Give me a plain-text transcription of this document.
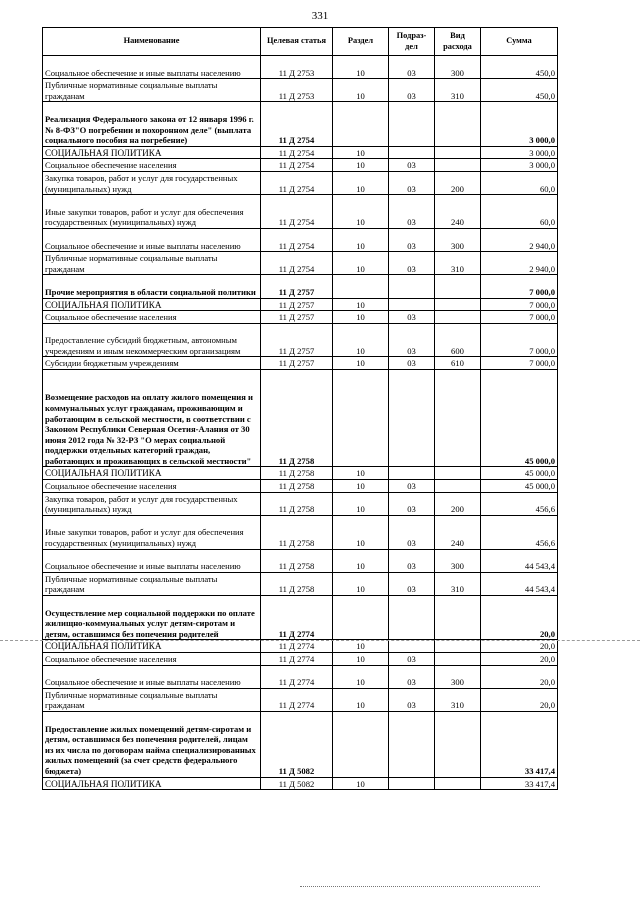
331
Наименование	Целевая статья	Раздел	Подраз-дел	Вид расхода	Сумма
Социальное обеспечение и иные выплаты населению	11 Д 2753	10	03	300	450,0
Публичные нормативные социальные выплаты гражданам	11 Д 2753	10	03	310	450,0
Реализация Федерального закона от 12 января 1996 г. № 8-ФЗ"О погребении и похоронном деле" (выплата социального пособия на погребение)	11 Д 2754				3 000,0
СОЦИАЛЬНАЯ ПОЛИТИКА	11 Д 2754	10			3 000,0
Социальное обеспечение населения	11 Д 2754	10	03		3 000,0
Закупка товаров, работ и услуг для государственных (муниципальных) нужд	11 Д 2754	10	03	200	60,0
Иные закупки товаров, работ и услуг для обеспечения государственных (муниципальных) нужд	11 Д 2754	10	03	240	60,0
Социальное обеспечение и иные выплаты населению	11 Д 2754	10	03	300	2 940,0
Публичные нормативные социальные выплаты гражданам	11 Д 2754	10	03	310	2 940,0
Прочие мероприятия в области социальной политики	11 Д 2757				7 000,0
СОЦИАЛЬНАЯ ПОЛИТИКА	11 Д 2757	10			7 000,0
Социальное обеспечение населения	11 Д 2757	10	03		7 000,0
Предоставление субсидий бюджетным, автономным учреждениям и иным некоммерческим организациям	11 Д 2757	10	03	600	7 000,0
Субсидии бюджетным учреждениям	11 Д 2757	10	03	610	7 000,0
Возмещение расходов на оплату жилого помещения и коммунальных услуг гражданам, проживающим и работающим в сельской местности, в соответствии с Законом Республики Северная Осетия-Алания от 30 июня 2012 года № 32-РЗ "О мерах социальной поддержки отдельных категорий граждан, работающих и проживающих в сельской местности"	11 Д 2758				45 000,0
СОЦИАЛЬНАЯ ПОЛИТИКА	11 Д 2758	10			45 000,0
Социальное обеспечение населения	11 Д 2758	10	03		45 000,0
Закупка товаров, работ и услуг для государственных (муниципальных) нужд	11 Д 2758	10	03	200	456,6
Иные закупки товаров, работ и услуг для обеспечения государственных (муниципальных) нужд	11 Д 2758	10	03	240	456,6
Социальное обеспечение и иные выплаты населению	11 Д 2758	10	03	300	44 543,4
Публичные нормативные социальные выплаты гражданам	11 Д 2758	10	03	310	44 543,4
Осуществление мер социальной поддержки по оплате жилищно-коммунальных услуг детям-сиротам и детям, оставшимся без попечения родителей	11 Д 2774				20,0
СОЦИАЛЬНАЯ ПОЛИТИКА	11 Д 2774	10			20,0
Социальное обеспечение населения	11 Д 2774	10	03		20,0
Социальное обеспечение и иные выплаты населению	11 Д 2774	10	03	300	20,0
Публичные нормативные социальные выплаты гражданам	11 Д 2774	10	03	310	20,0
Предоставление жилых помещений детям-сиротам и детям, оставшимся без попечения родителей, лицам из их числа по договорам найма специализированных жилых помещений (за счет средств федерального бюджета)	11 Д 5082				33 417,4
СОЦИАЛЬНАЯ ПОЛИТИКА	11 Д 5082	10			33 417,4
